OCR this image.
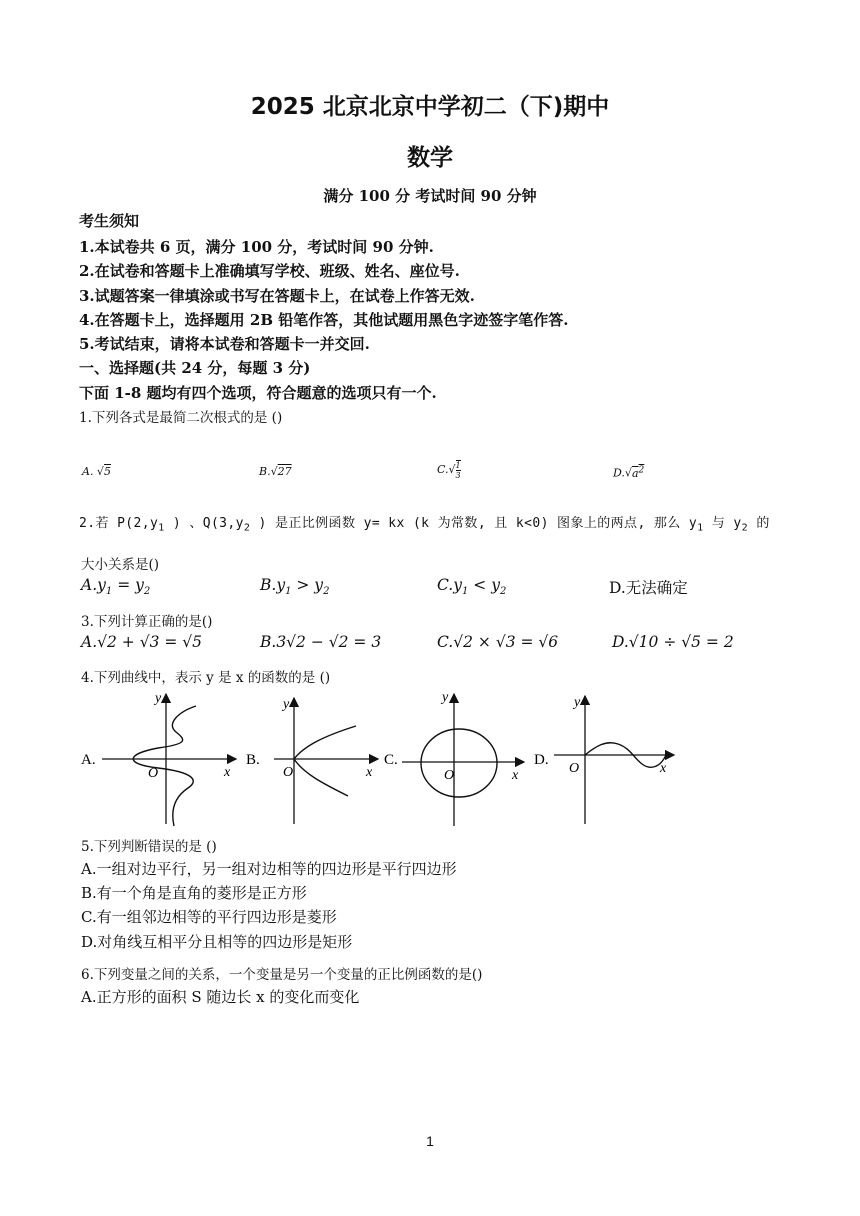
2025 北京北京中学初二（下)期中
数学
满分 100 分 考试时间 90 分钟
考生须知
1.本试卷共 6 页，满分 100 分，考试时间 90 分钟.
2.在试卷和答题卡上准确填写学校、班级、姓名、座位号.
3.试题答案一律填涂或书写在答题卡上，在试卷上作答无效.
4.在答题卡上，选择题用 2B 铅笔作答，其他试题用黑色字迹签字笔作答.
5.考试结束，请将本试卷和答题卡一并交回.
一、选择题(共 24 分，每题 3 分)
下面 1-8 题均有四个选项，符合题意的选项只有一个.
1.下列各式是最简二次根式的是 ()
A. √5	B.√27	$C.√ \frac{1}{3}$	$D.√a^2$
2.若 $P(2,y_1$ ) 、$Q(3,y_2$ ) 是正比例函数 y= kx (k 为常数, 且 k<0) 图象上的两点, 那么 $y_1$ 与 $y_2$ 的
大小关系是()
$A.y_1 = y_2$	$B.y_1 > y_2$	$C.y_1 < y_2$	D.无法确定
3.下列计算正确的是()
A.√2 + √3 = √5	B.3√2 − √2 = 3	C.√2 × √3 = √6	D.√10 ÷ √5 = 2
4.下列曲线中，表示 y 是 x 的函数的是 ()
A.
y
x
O
B.
y
x
O
C.
y
x
O
D.
y
x
O
5.下列判断错误的是 ()
A.一组对边平行，另一组对边相等的四边形是平行四边形
B.有一个角是直角的菱形是正方形
C.有一组邻边相等的平行四边形是菱形
D.对角线互相平分且相等的四边形是矩形
6.下列变量之间的关系，一个变量是另一个变量的正比例函数的是()
A.正方形的面积 S 随边长 x 的变化而变化
1
